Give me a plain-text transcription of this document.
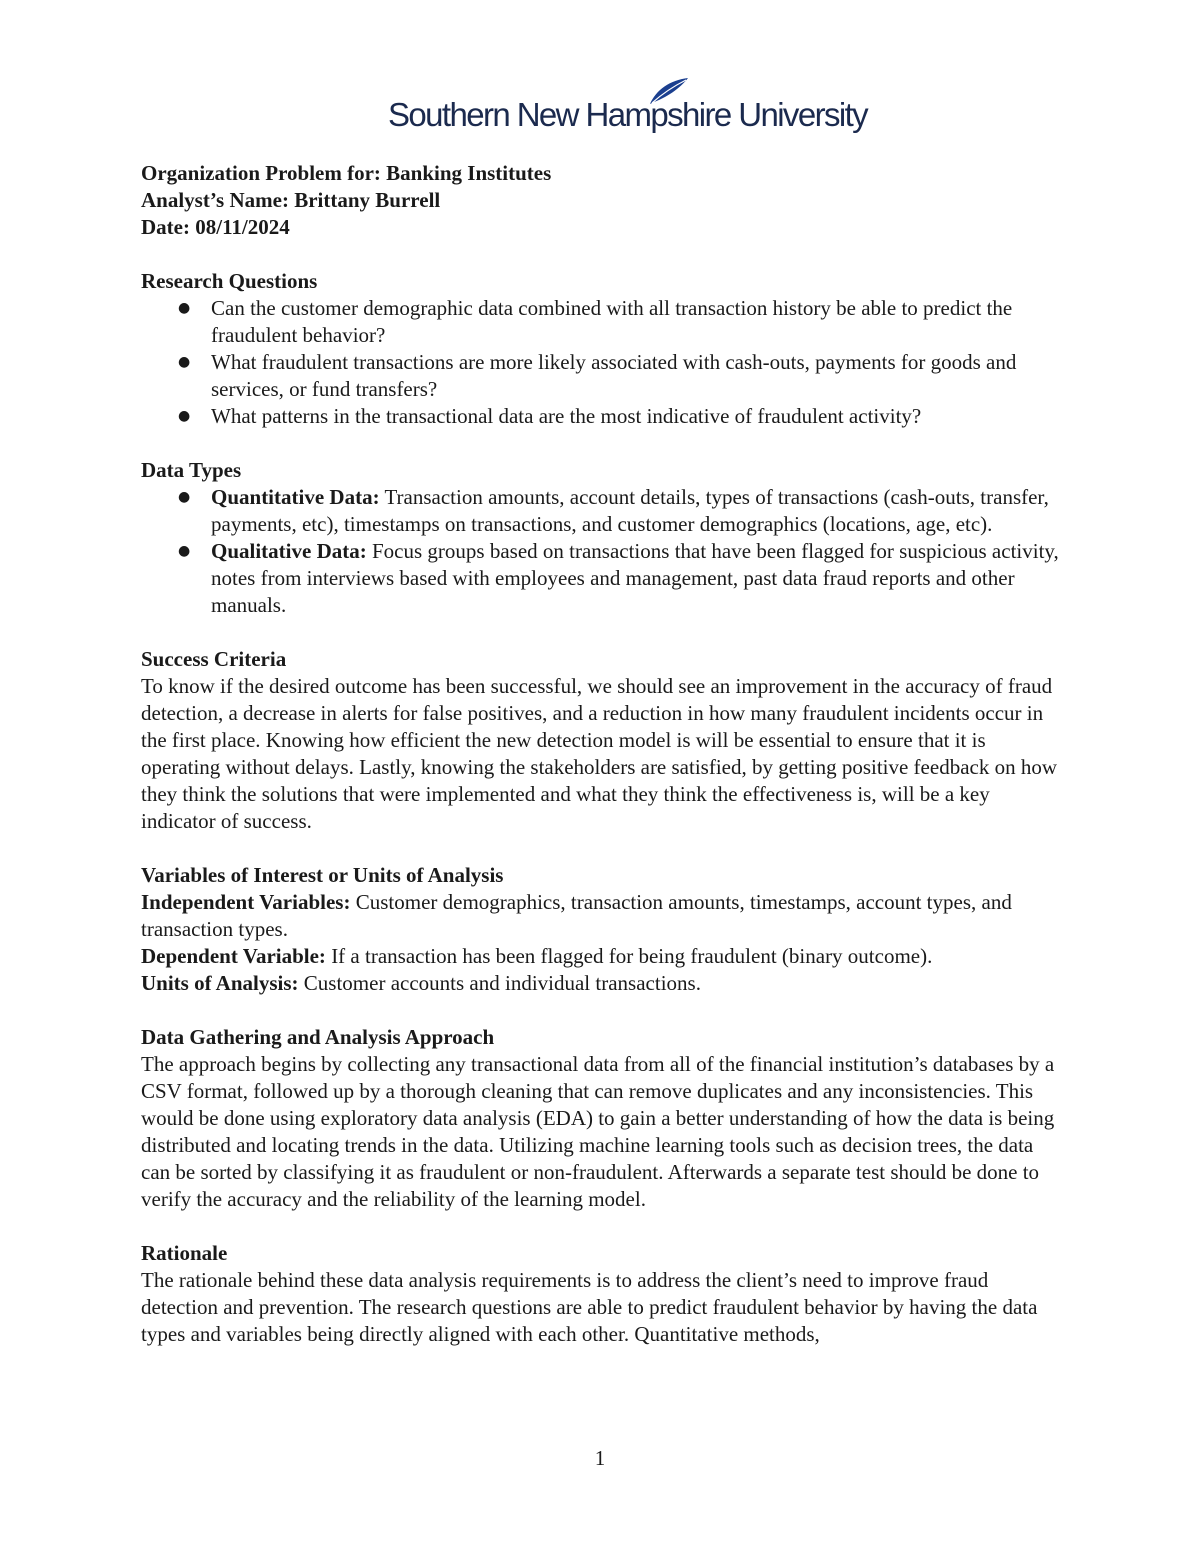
Southern New Hampshire University

Organization Problem for: Banking Institutes

Analyst’s Name: Brittany Burrell

Date: 08/11/2024

Research Questions

● Can the customer demographic data combined with all transaction history be able to predict the fraudulent behavior?
● What fraudulent transactions are more likely associated with cash-outs, payments for goods and services, or fund transfers?
● What patterns in the transactional data are the most indicative of fraudulent activity?

Data Types

● Quantitative Data: Transaction amounts, account details, types of transactions (cash-outs, transfer, payments, etc), timestamps on transactions, and customer demographics (locations, age, etc).
● Qualitative Data: Focus groups based on transactions that have been flagged for suspicious activity, notes from interviews based with employees and management, past data fraud reports and other manuals.

Success Criteria

To know if the desired outcome has been successful, we should see an improvement in the accuracy of fraud detection, a decrease in alerts for false positives, and a reduction in how many fraudulent incidents occur in the first place. Knowing how efficient the new detection model is will be essential to ensure that it is operating without delays. Lastly, knowing the stakeholders are satisfied, by getting positive feedback on how they think the solutions that were implemented and what they think the effectiveness is, will be a key indicator of success.

Variables of Interest or Units of Analysis

Independent Variables: Customer demographics, transaction amounts, timestamps, account types, and transaction types.

Dependent Variable: If a transaction has been flagged for being fraudulent (binary outcome).

Units of Analysis: Customer accounts and individual transactions.

Data Gathering and Analysis Approach

The approach begins by collecting any transactional data from all of the financial institution’s databases by a CSV format, followed up by a thorough cleaning that can remove duplicates and any inconsistencies. This would be done using exploratory data analysis (EDA) to gain a better understanding of how the data is being distributed and locating trends in the data. Utilizing machine learning tools such as decision trees, the data can be sorted by classifying it as fraudulent or non-fraudulent. Afterwards a separate test should be done to verify the accuracy and the reliability of the learning model.

Rationale

The rationale behind these data analysis requirements is to address the client’s need to improve fraud detection and prevention. The research questions are able to predict fraudulent behavior by having the data types and variables being directly aligned with each other. Quantitative methods,

1
